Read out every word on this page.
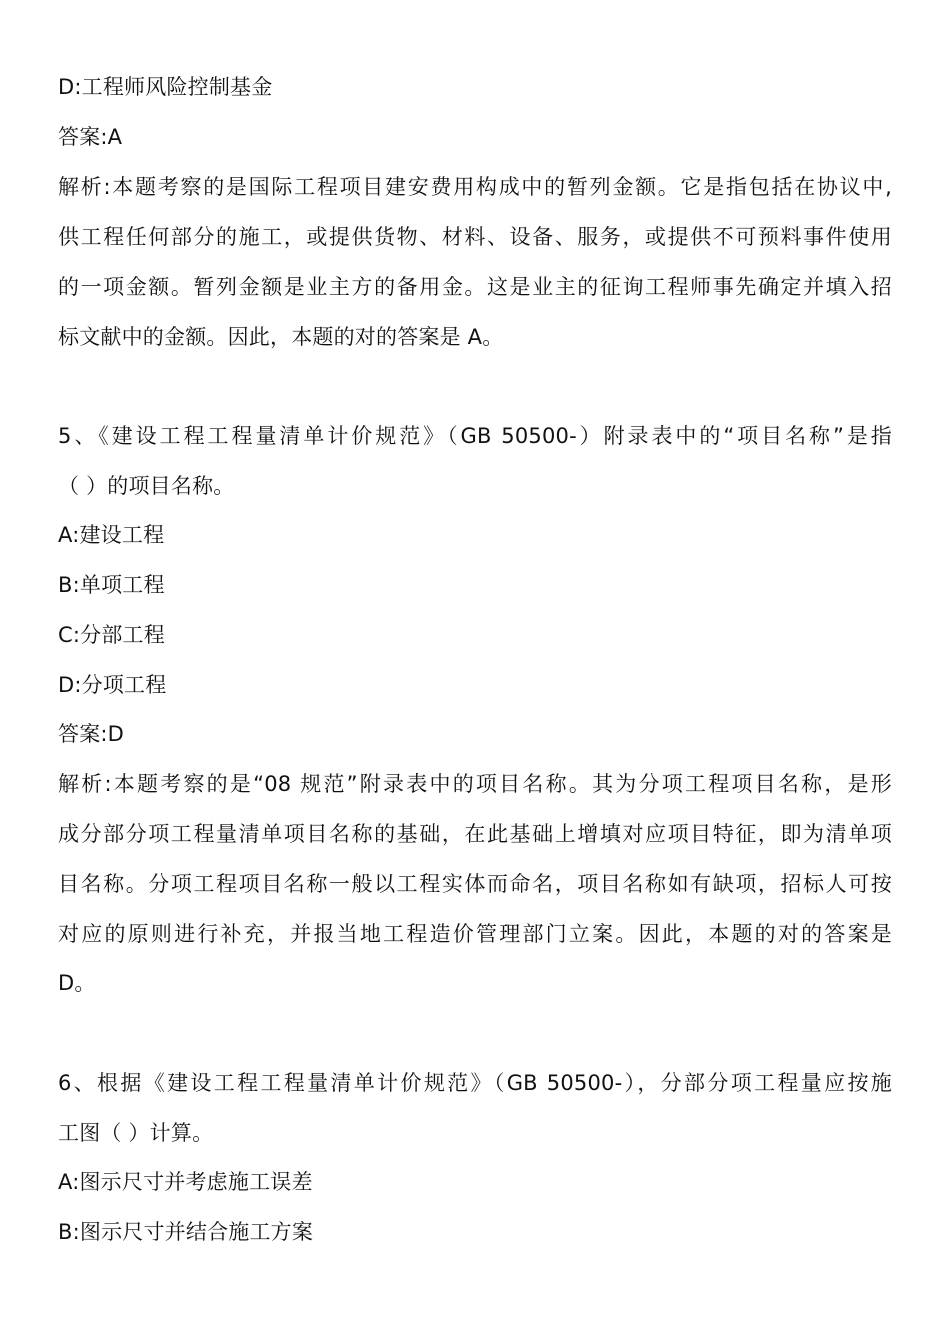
D:工程师风险控制基金
答案:A
解析:本题考察的是国际工程项目建安费用构成中的暂列金额。它是指包括在协议中,
供工程任何部分的施工，或提供货物、材料、设备、服务，或提供不可预料事件使用
的一项金额。暂列金额是业主方的备用金。这是业主的征询工程师事先确定并填入招
标文献中的金额。因此，本题的对的答案是 A。
5、《建设工程工程量清单计价规范》（GB 50500-）附录表中的“项目名称”是指
（ ）的项目名称。
A:建设工程
B:单项工程
C:分部工程
D:分项工程
答案:D
解析:本题考察的是“08 规范”附录表中的项目名称。其为分项工程项目名称，是形
成分部分项工程量清单项目名称的基础，在此基础上增填对应项目特征，即为清单项
目名称。分项工程项目名称一般以工程实体而命名，项目名称如有缺项，招标人可按
对应的原则进行补充，并报当地工程造价管理部门立案。因此，本题的对的答案是
D。
6、根据《建设工程工程量清单计价规范》（GB 50500-），分部分项工程量应按施
工图（ ）计算。
A:图示尺寸并考虑施工误差
B:图示尺寸并结合施工方案
